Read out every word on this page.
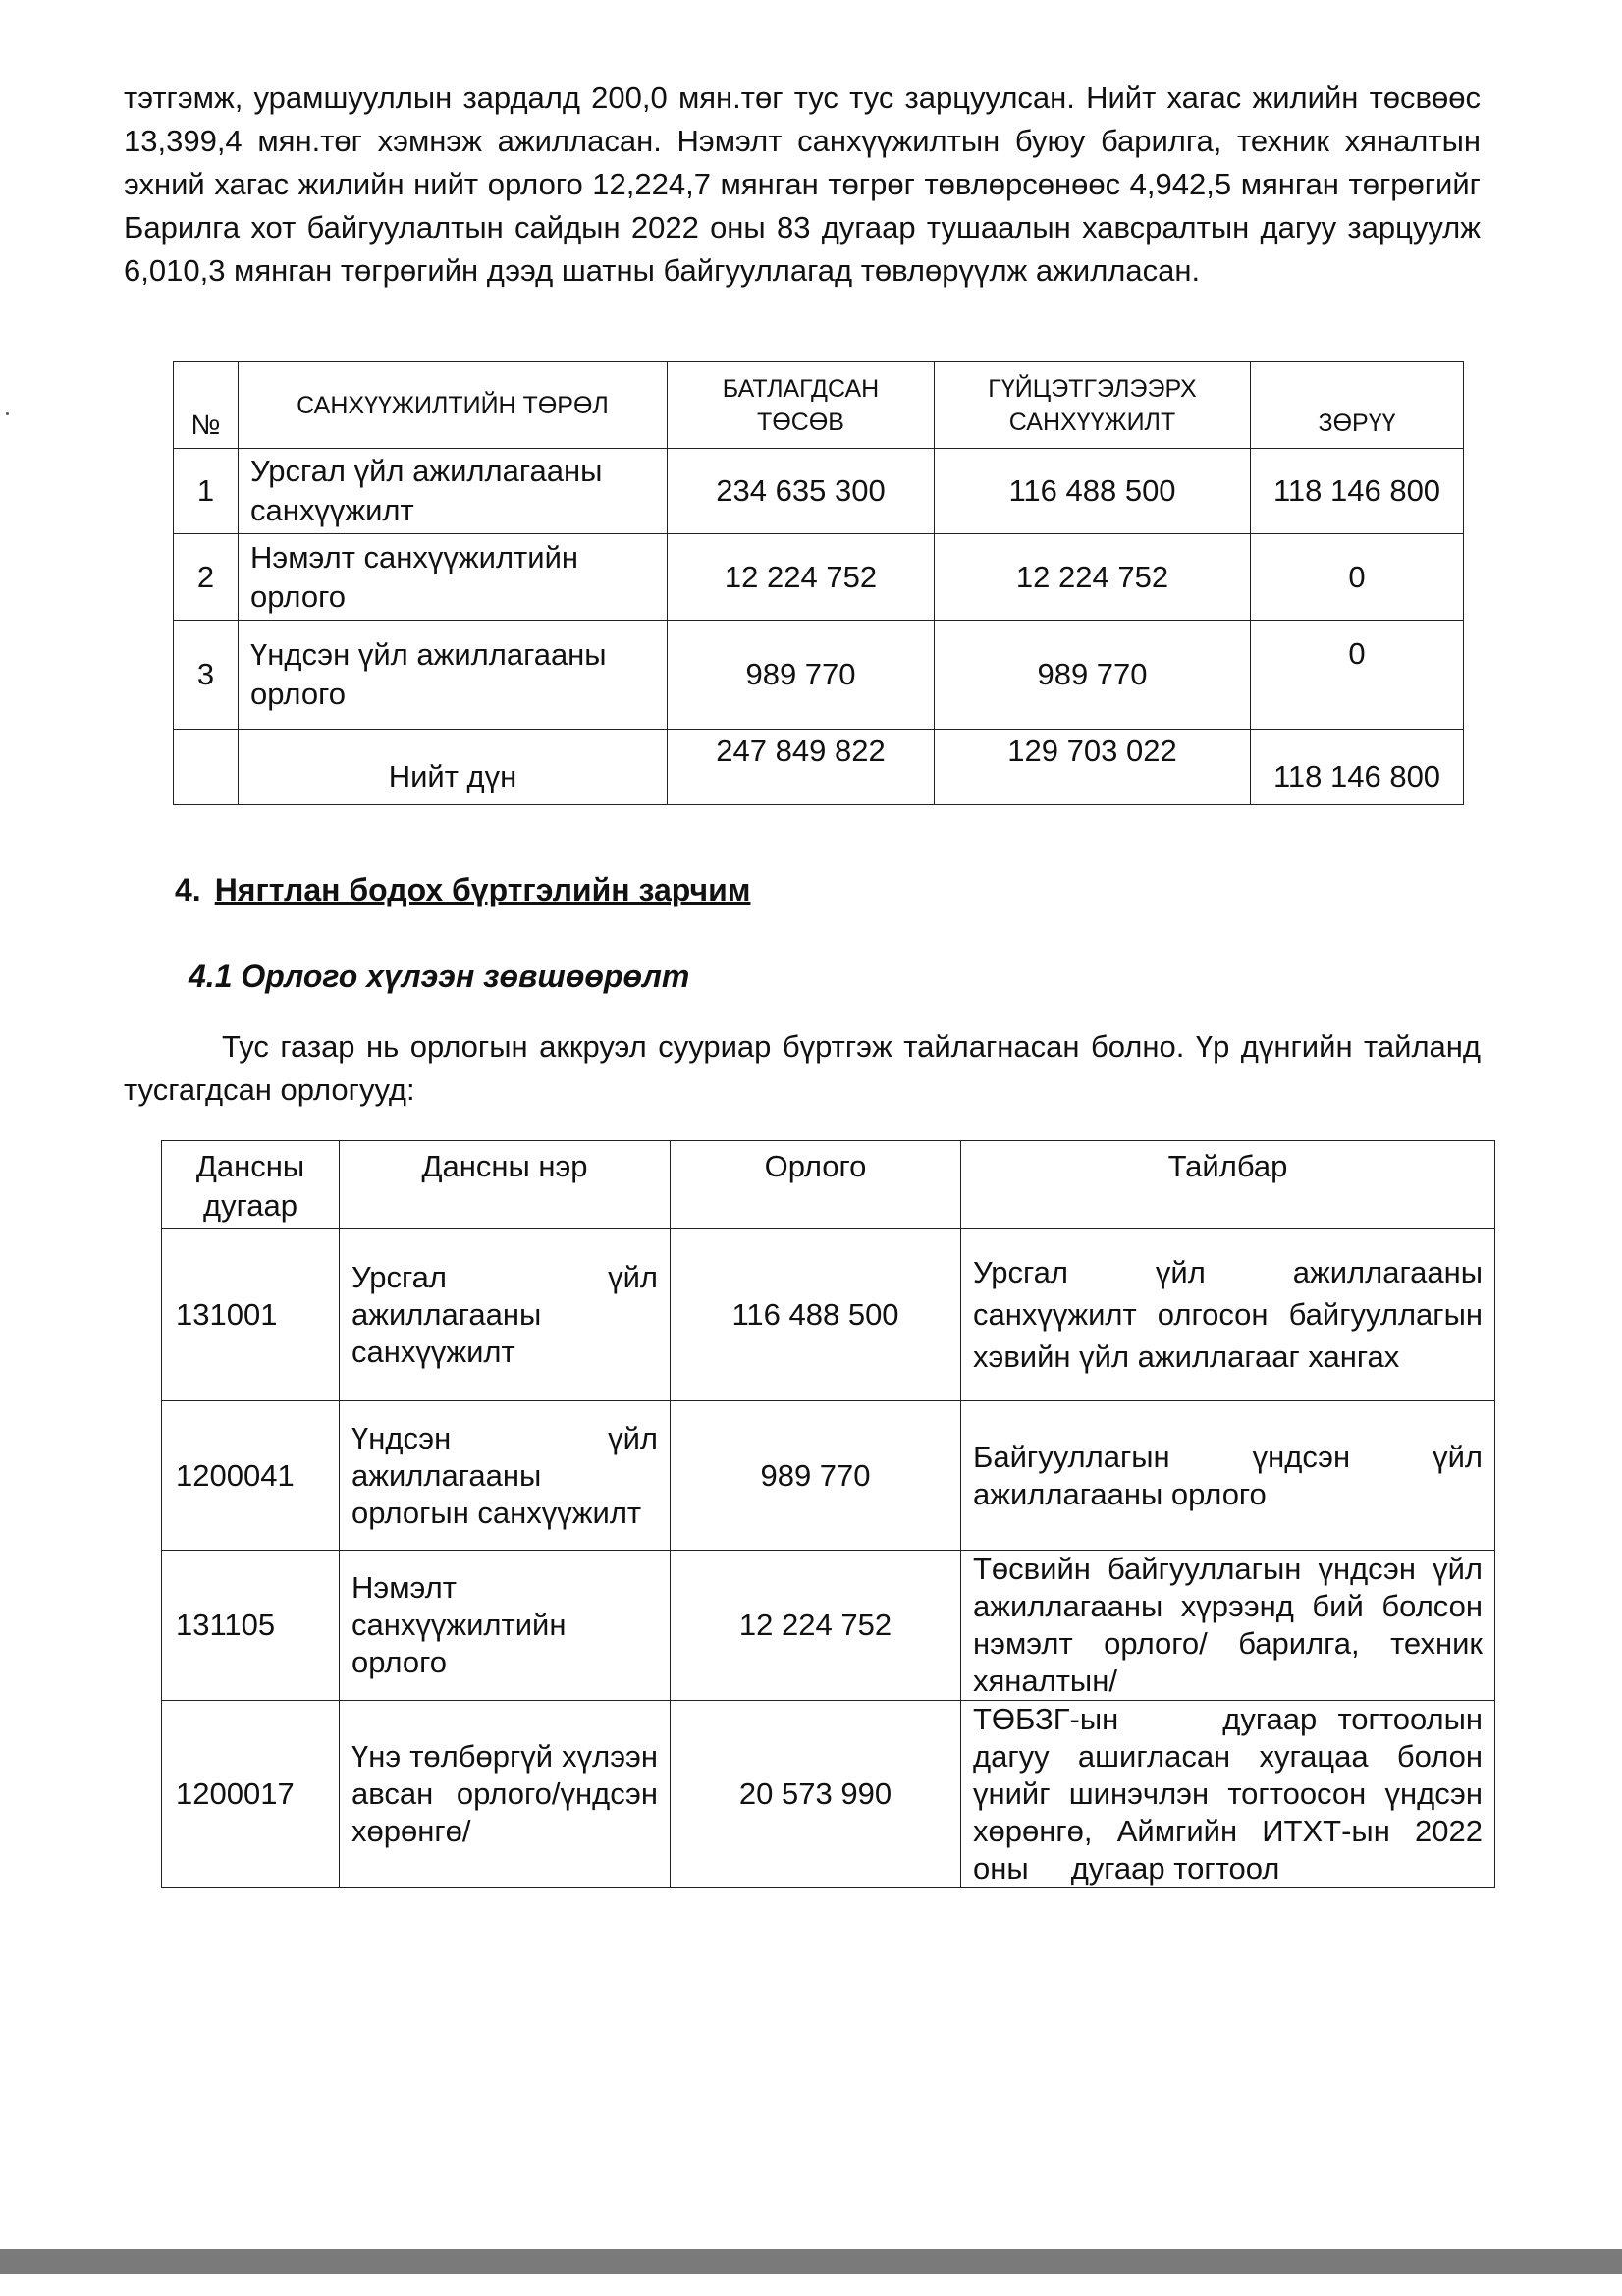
тэтгэмж, урамшууллын зардалд 200,0 мян.төг тус тус зарцуулсан. Нийт хагас жилийн төсвөөс 13,399,4 мян.төг хэмнэж ажилласан. Нэмэлт санхүүжилтын буюу барилга, техник хяналтын эхний хагас жилийн нийт орлого 12,224,7 мянган төгрөг төвлөрсөнөөс 4,942,5 мянган төгрөгийг Барилга хот байгуулалтын сайдын 2022 оны 83 дугаар тушаалын хавсралтын дагуу зарцуулж 6,010,3 мянган төгрөгийн дээд шатны байгууллагад төвлөрүүлж ажилласан.

№	САНХҮҮЖИЛТИЙН ТӨРӨЛ	БАТЛАГДСАН ТӨСӨВ	ГҮЙЦЭТГЭЛЭЭРХ САНХҮҮЖИЛТ	ЗӨРҮҮ
1	Урсгал үйл ажиллагааны санхүүжилт	234 635 300	116 488 500	118 146 800
2	Нэмэлт санхүүжилтийн орлого	12 224 752	12 224 752	0
3	Үндсэн үйл ажиллагааны орлого	989 770	989 770	0
	Нийт дүн	247 849 822	129 703 022	118 146 800
4. Нягтлан бодох бүртгэлийн зарчим
4.1 Орлого хүлээн зөвшөөрөлт

Тус газар нь орлогын аккруэл сууриар бүртгэж тайлагнасан болно. Үр дүнгийн тайланд тусгагдсан орлогууд:

Дансны дугаар	Дансны нэр	Орлого	Тайлбар
131001	Урсгал үйл ажиллагааны санхүүжилт	116 488 500	Урсгал үйл ажиллагааны санхүүжилт олгосон байгууллагын хэвийн үйл ажиллагааг хангах
1200041	Үндсэн үйл ажиллагааны орлогын санхүүжилт	989 770	Байгууллагын үндсэн үйл ажиллагааны орлого
131105	Нэмэлт санхүүжилтийн орлого	12 224 752	Төсвийн байгууллагын үндсэн үйл ажиллагааны хүрээнд бий болсон нэмэлт орлого/ барилга, техник хяналтын/
1200017	Үнэ төлбөргүй хүлээн авсан орлого/үндсэн хөрөнгө/	20 573 990	ТӨБЗГ-ын     дугаар тогтоолын дагуу ашигласан хугацаа болон үнийг шинэчлэн тогтоосон үндсэн хөрөнгө, Аймгийн ИТХТ-ын 2022 оны     дугаар тогтоол
